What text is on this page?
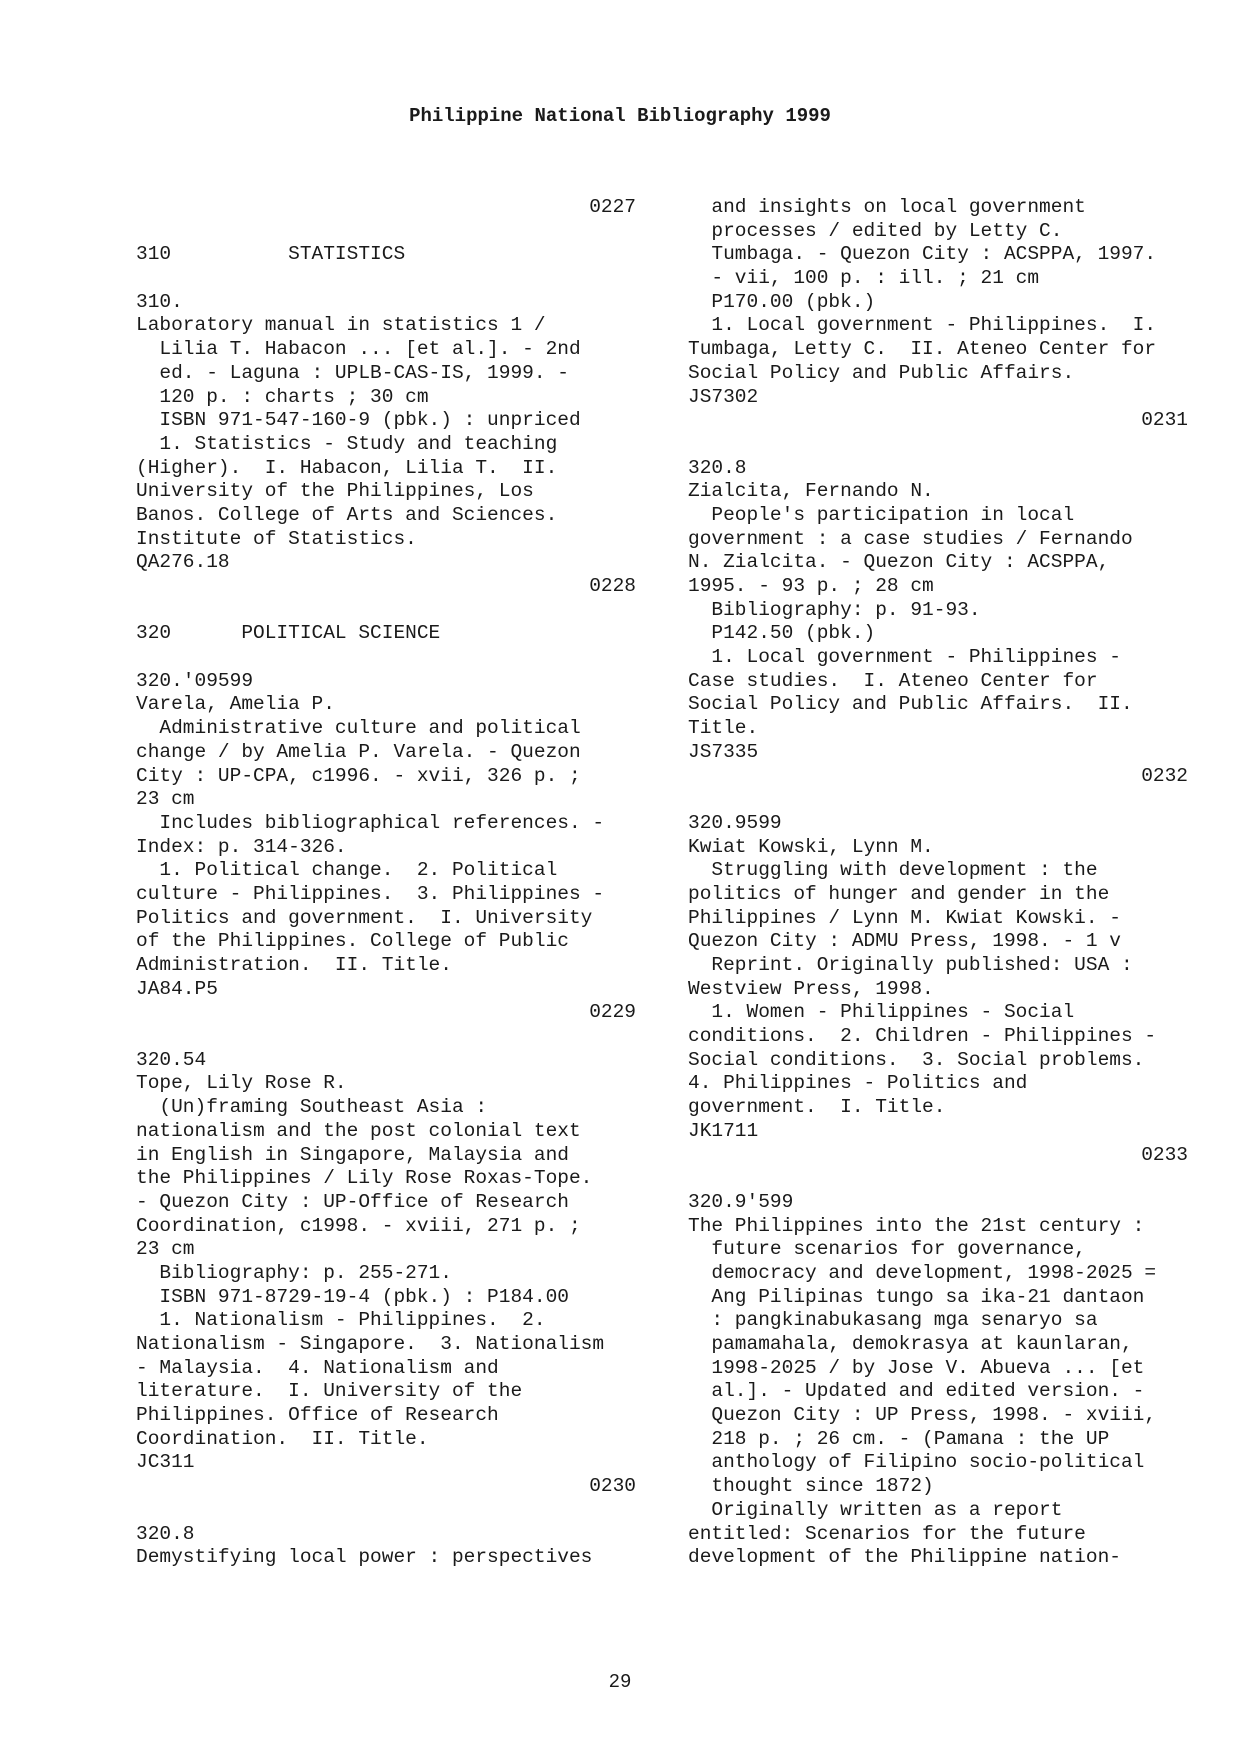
Philippine National Bibliography 1999
0227
310          STATISTICS
310.
Laboratory manual in statistics 1 /
Lilia T. Habacon ... [et al.]. - 2nd
ed. - Laguna : UPLB-CAS-IS, 1999. -
120 p. : charts ; 30 cm
ISBN 971-547-160-9 (pbk.) : unpriced
1. Statistics - Study and teaching
(Higher).  I. Habacon, Lilia T.  II.
University of the Philippines, Los
Banos. College of Arts and Sciences.
Institute of Statistics.
QA276.18
0228
320      POLITICAL SCIENCE
320.'09599
Varela, Amelia P.
Administrative culture and political
change / by Amelia P. Varela. - Quezon
City : UP-CPA, c1996. - xvii, 326 p. ;
23 cm
Includes bibliographical references. -
Index: p. 314-326.
1. Political change.  2. Political
culture - Philippines.  3. Philippines -
Politics and government.  I. University
of the Philippines. College of Public
Administration.  II. Title.
JA84.P5
0229
320.54
Tope, Lily Rose R.
(Un)framing Southeast Asia :
nationalism and the post colonial text
in English in Singapore, Malaysia and
the Philippines / Lily Rose Roxas-Tope.
- Quezon City : UP-Office of Research
Coordination, c1998. - xviii, 271 p. ;
23 cm
Bibliography: p. 255-271.
ISBN 971-8729-19-4 (pbk.) : P184.00
1. Nationalism - Philippines.  2.
Nationalism - Singapore.  3. Nationalism
- Malaysia.  4. Nationalism and
literature.  I. University of the
Philippines. Office of Research
Coordination.  II. Title.
JC311
0230
320.8
Demystifying local power : perspectives
and insights on local government
processes / edited by Letty C.
Tumbaga. - Quezon City : ACSPPA, 1997.
- vii, 100 p. : ill. ; 21 cm
P170.00 (pbk.)
1. Local government - Philippines.  I.
Tumbaga, Letty C.  II. Ateneo Center for
Social Policy and Public Affairs.
JS7302
0231
320.8
Zialcita, Fernando N.
People's participation in local
government : a case studies / Fernando
N. Zialcita. - Quezon City : ACSPPA,
1995. - 93 p. ; 28 cm
Bibliography: p. 91-93.
P142.50 (pbk.)
1. Local government - Philippines -
Case studies.  I. Ateneo Center for
Social Policy and Public Affairs.  II.
Title.
JS7335
0232
320.9599
Kwiat Kowski, Lynn M.
Struggling with development : the
politics of hunger and gender in the
Philippines / Lynn M. Kwiat Kowski. -
Quezon City : ADMU Press, 1998. - 1 v
Reprint. Originally published: USA :
Westview Press, 1998.
1. Women - Philippines - Social
conditions.  2. Children - Philippines -
Social conditions.  3. Social problems.
4. Philippines - Politics and
government.  I. Title.
JK1711
0233
320.9'599
The Philippines into the 21st century :
future scenarios for governance,
democracy and development, 1998-2025 =
Ang Pilipinas tungo sa ika-21 dantaon
: pangkinabukasang mga senaryo sa
pamamahala, demokrasya at kaunlaran,
1998-2025 / by Jose V. Abueva ... [et
al.]. - Updated and edited version. -
Quezon City : UP Press, 1998. - xviii,
218 p. ; 26 cm. - (Pamana : the UP
anthology of Filipino socio-political
thought since 1872)
Originally written as a report
entitled: Scenarios for the future
development of the Philippine nation-
29
